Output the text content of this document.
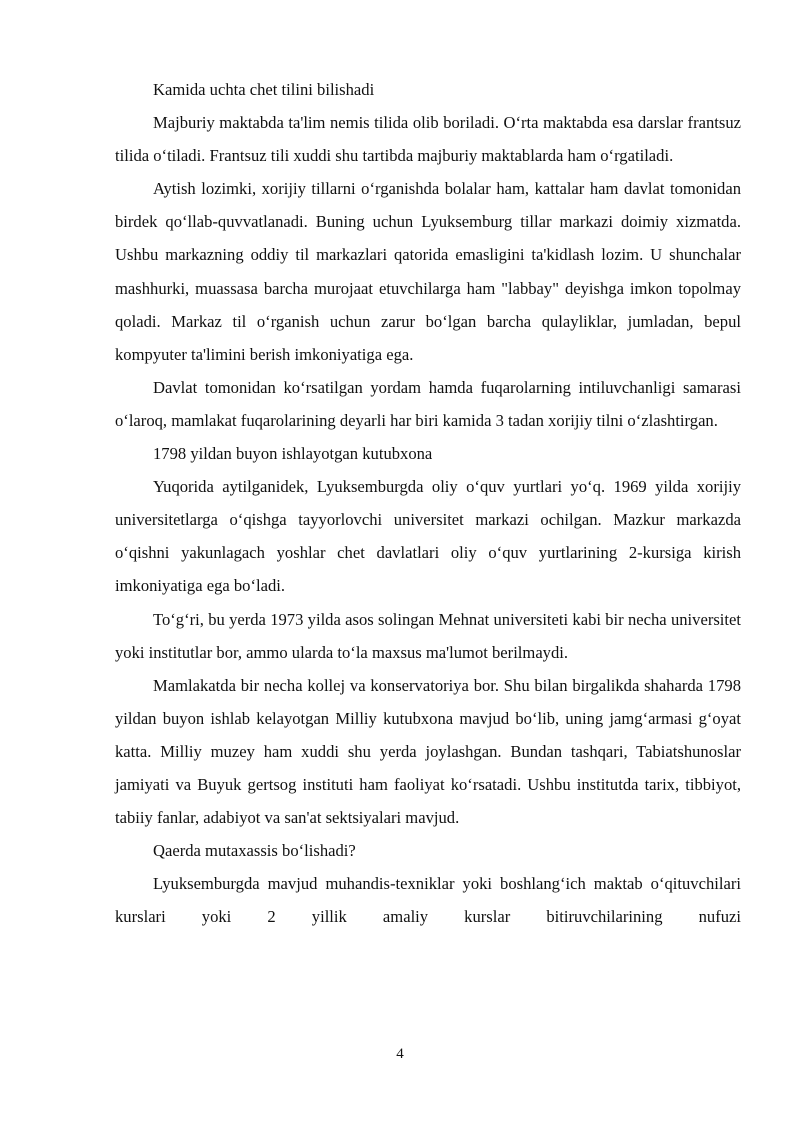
Kamida uchta chet tilini bilishadi

Majburiy maktabda ta'lim nemis tilida olib boriladi. O‘rta maktabda esa darslar frantsuz tilida o‘tiladi. Frantsuz tili xuddi shu tartibda majburiy maktablarda ham o‘rgatiladi.

Aytish lozimki, xorijiy tillarni o‘rganishda bolalar ham, kattalar ham davlat tomonidan birdek qo‘llab-quvvatlanadi. Buning uchun Lyuksemburg tillar markazi doimiy xizmatda. Ushbu markazning oddiy til markazlari qatorida emasligini ta'kidlash lozim. U shunchalar mashhurki, muassasa barcha murojaat etuvchilarga ham "labbay" deyishga imkon topolmay qoladi. Markaz til o‘rganish uchun zarur bo‘lgan barcha qulayliklar, jumladan, bepul kompyuter ta'limini berish imkoniyatiga ega.

Davlat tomonidan ko‘rsatilgan yordam hamda fuqarolarning intiluvchanligi samarasi o‘laroq, mamlakat fuqarolarining deyarli har biri kamida 3 tadan xorijiy tilni o‘zlashtirgan.

1798 yildan buyon ishlayotgan kutubxona

Yuqorida aytilganidek, Lyuksemburgda oliy o‘quv yurtlari yo‘q. 1969 yilda xorijiy universitetlarga o‘qishga tayyorlovchi universitet markazi ochilgan. Mazkur markazda o‘qishni yakunlagach yoshlar chet davlatlari oliy o‘quv yurtlarining 2-kursiga kirish imkoniyatiga ega bo‘ladi.

To‘g‘ri, bu yerda 1973 yilda asos solingan Mehnat universiteti kabi bir necha universitet yoki institutlar bor, ammo ularda to‘la maxsus ma'lumot berilmaydi.

Mamlakatda bir necha kollej va konservatoriya bor. Shu bilan birgalikda shaharda 1798 yildan buyon ishlab kelayotgan Milliy kutubxona mavjud bo‘lib, uning jamg‘armasi g‘oyat katta. Milliy muzey ham xuddi shu yerda joylashgan. Bundan tashqari, Tabiatshunoslar jamiyati va Buyuk gertsog instituti ham faoliyat ko‘rsatadi. Ushbu institutda tarix, tibbiyot, tabiiy fanlar, adabiyot va san'at sektsiyalari mavjud.

Qaerda mutaxassis bo‘lishadi?

Lyuksemburgda mavjud muhandis-texniklar yoki boshlang‘ich maktab o‘qituvchilari kurslari yoki 2 yillik amaliy kurslar bitiruvchilarining nufuzi

4
